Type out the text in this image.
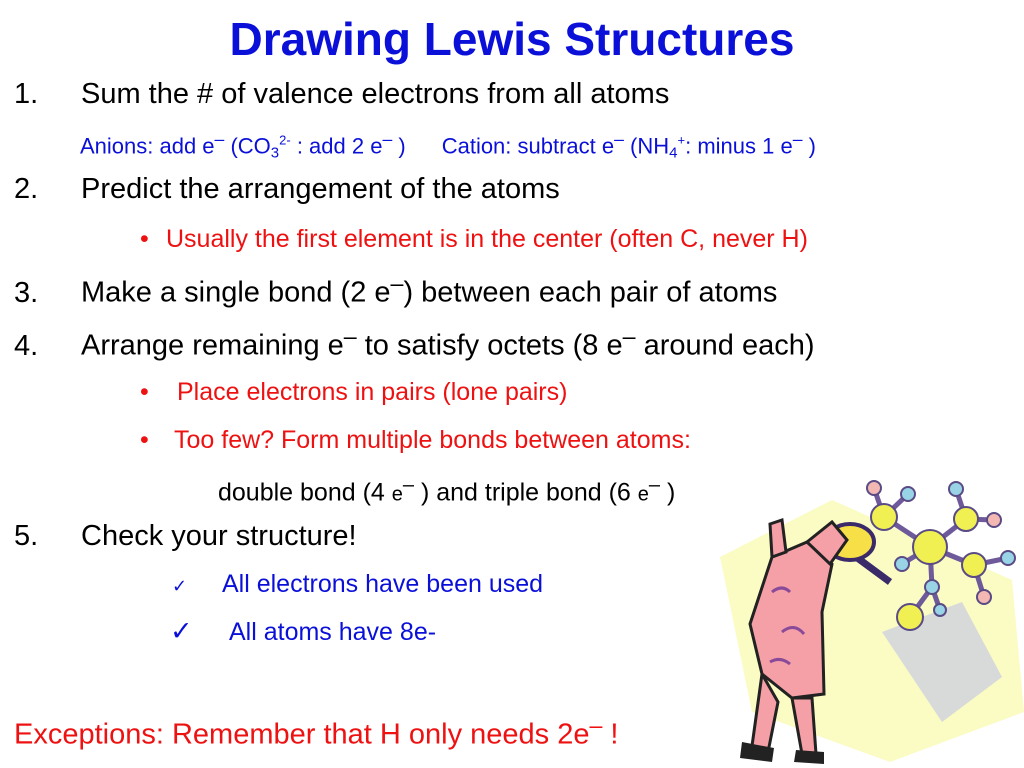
Drawing Lewis Structures
1. Sum the # of valence electrons from all atoms
Anions: add e– ($CO_3^{2-}$ : add 2 e– ) Cation: subtract e– ($NH_4^+$: minus 1 e– )
2. Predict the arrangement of the atoms
• Usually the first element is in the center (often C, never H)
3. Make a single bond (2 e–) between each pair of atoms
4. Arrange remaining e– to satisfy octets (8 e– around each)
• Place electrons in pairs (lone pairs)
• Too few? Form multiple bonds between atoms:
double bond (4 e– ) and triple bond (6 e– )
5. Check your structure!
✓ All electrons have been used
✓ All atoms have 8e-
Exceptions: Remember that H only needs 2e– !
